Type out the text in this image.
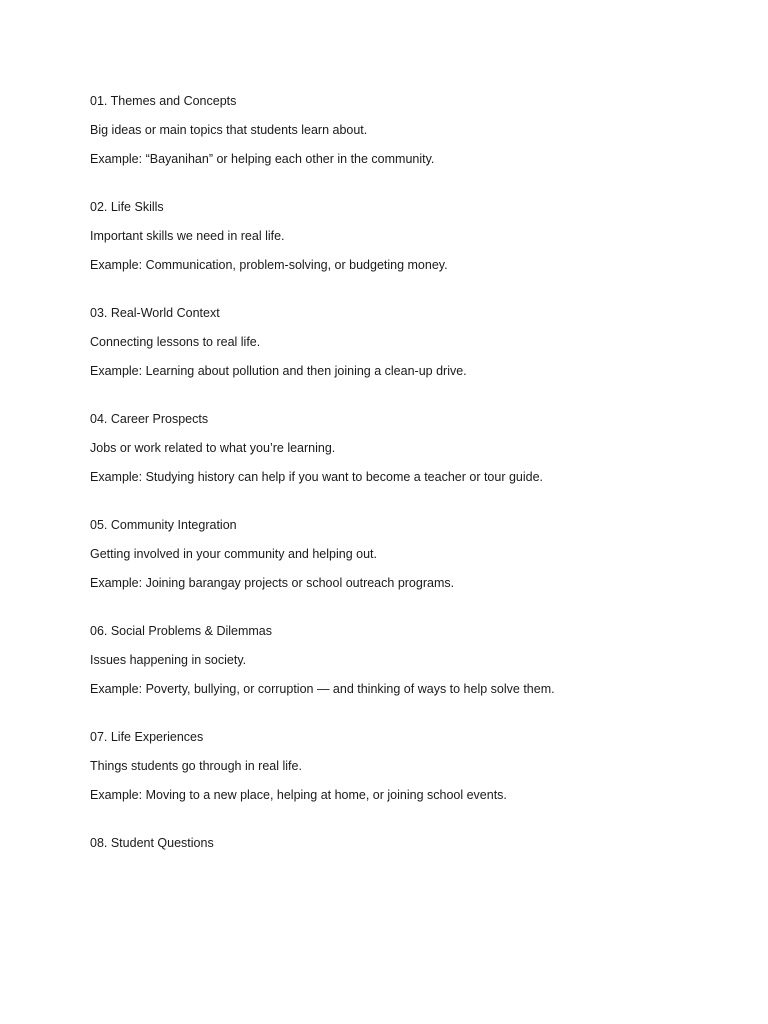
01. Themes and Concepts
Big ideas or main topics that students learn about.
Example: “Bayanihan” or helping each other in the community.
02. Life Skills
Important skills we need in real life.
Example: Communication, problem-solving, or budgeting money.
03. Real-World Context
Connecting lessons to real life.
Example: Learning about pollution and then joining a clean-up drive.
04. Career Prospects
Jobs or work related to what you’re learning.
Example: Studying history can help if you want to become a teacher or tour guide.
05. Community Integration
Getting involved in your community and helping out.
Example: Joining barangay projects or school outreach programs.
06. Social Problems & Dilemmas
Issues happening in society.
Example: Poverty, bullying, or corruption — and thinking of ways to help solve them.
07. Life Experiences
Things students go through in real life.
Example: Moving to a new place, helping at home, or joining school events.
08. Student Questions
